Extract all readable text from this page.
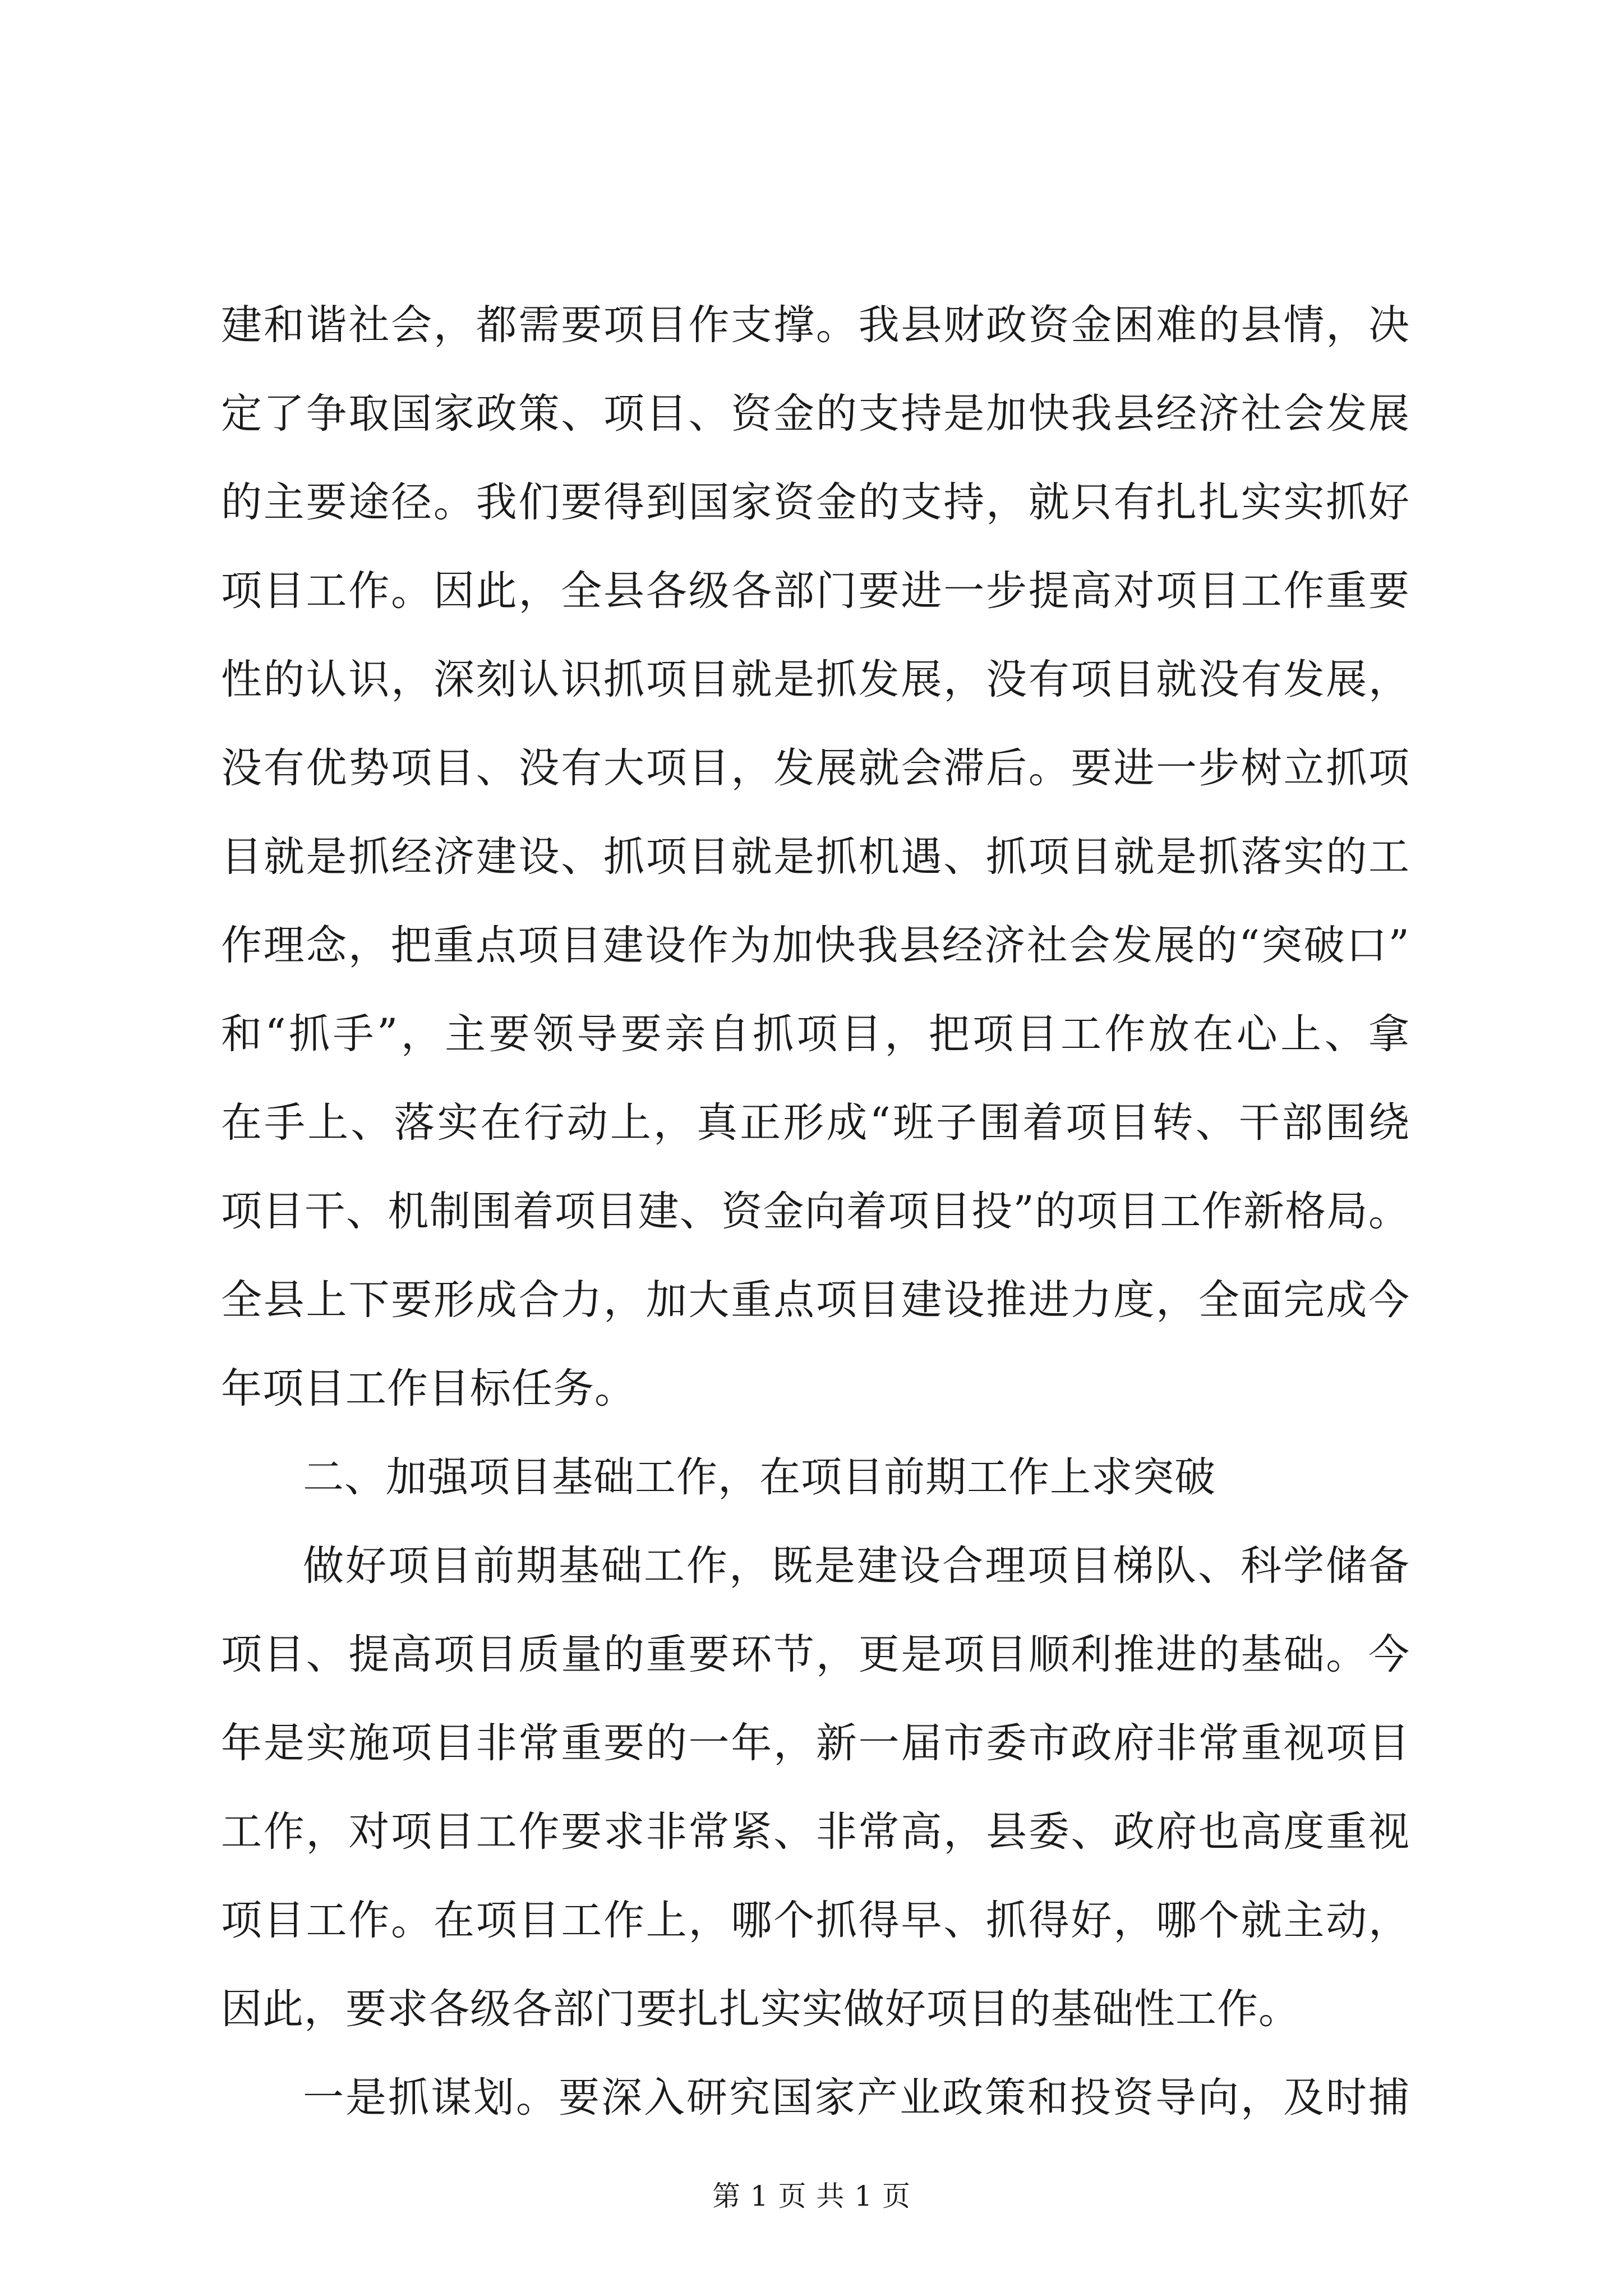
建和谐社会，都需要项目作支撑。我县财政资金困难的县情，决
定了争取国家政策、项目、资金的支持是加快我县经济社会发展
的主要途径。我们要得到国家资金的支持，就只有扎扎实实抓好
项目工作。因此，全县各级各部门要进一步提高对项目工作重要
性的认识，深刻认识抓项目就是抓发展，没有项目就没有发展，
没有优势项目、没有大项目，发展就会滞后。要进一步树立抓项
目就是抓经济建设、抓项目就是抓机遇、抓项目就是抓落实的工
作理念，把重点项目建设作为加快我县经济社会发展的“突破口”
和“抓手”，主要领导要亲自抓项目，把项目工作放在心上、拿
在手上、落实在行动上，真正形成“班子围着项目转、干部围绕
项目干、机制围着项目建、资金向着项目投”的项目工作新格局。
全县上下要形成合力，加大重点项目建设推进力度，全面完成今
年项目工作目标任务。
二、加强项目基础工作，在项目前期工作上求突破
做好项目前期基础工作，既是建设合理项目梯队、科学储备
项目、提高项目质量的重要环节，更是项目顺利推进的基础。今
年是实施项目非常重要的一年，新一届市委市政府非常重视项目
工作，对项目工作要求非常紧、非常高，县委、政府也高度重视
项目工作。在项目工作上，哪个抓得早、抓得好，哪个就主动，
因此，要求各级各部门要扎扎实实做好项目的基础性工作。
一是抓谋划。要深入研究国家产业政策和投资导向，及时捕
第 1 页 共 1 页
